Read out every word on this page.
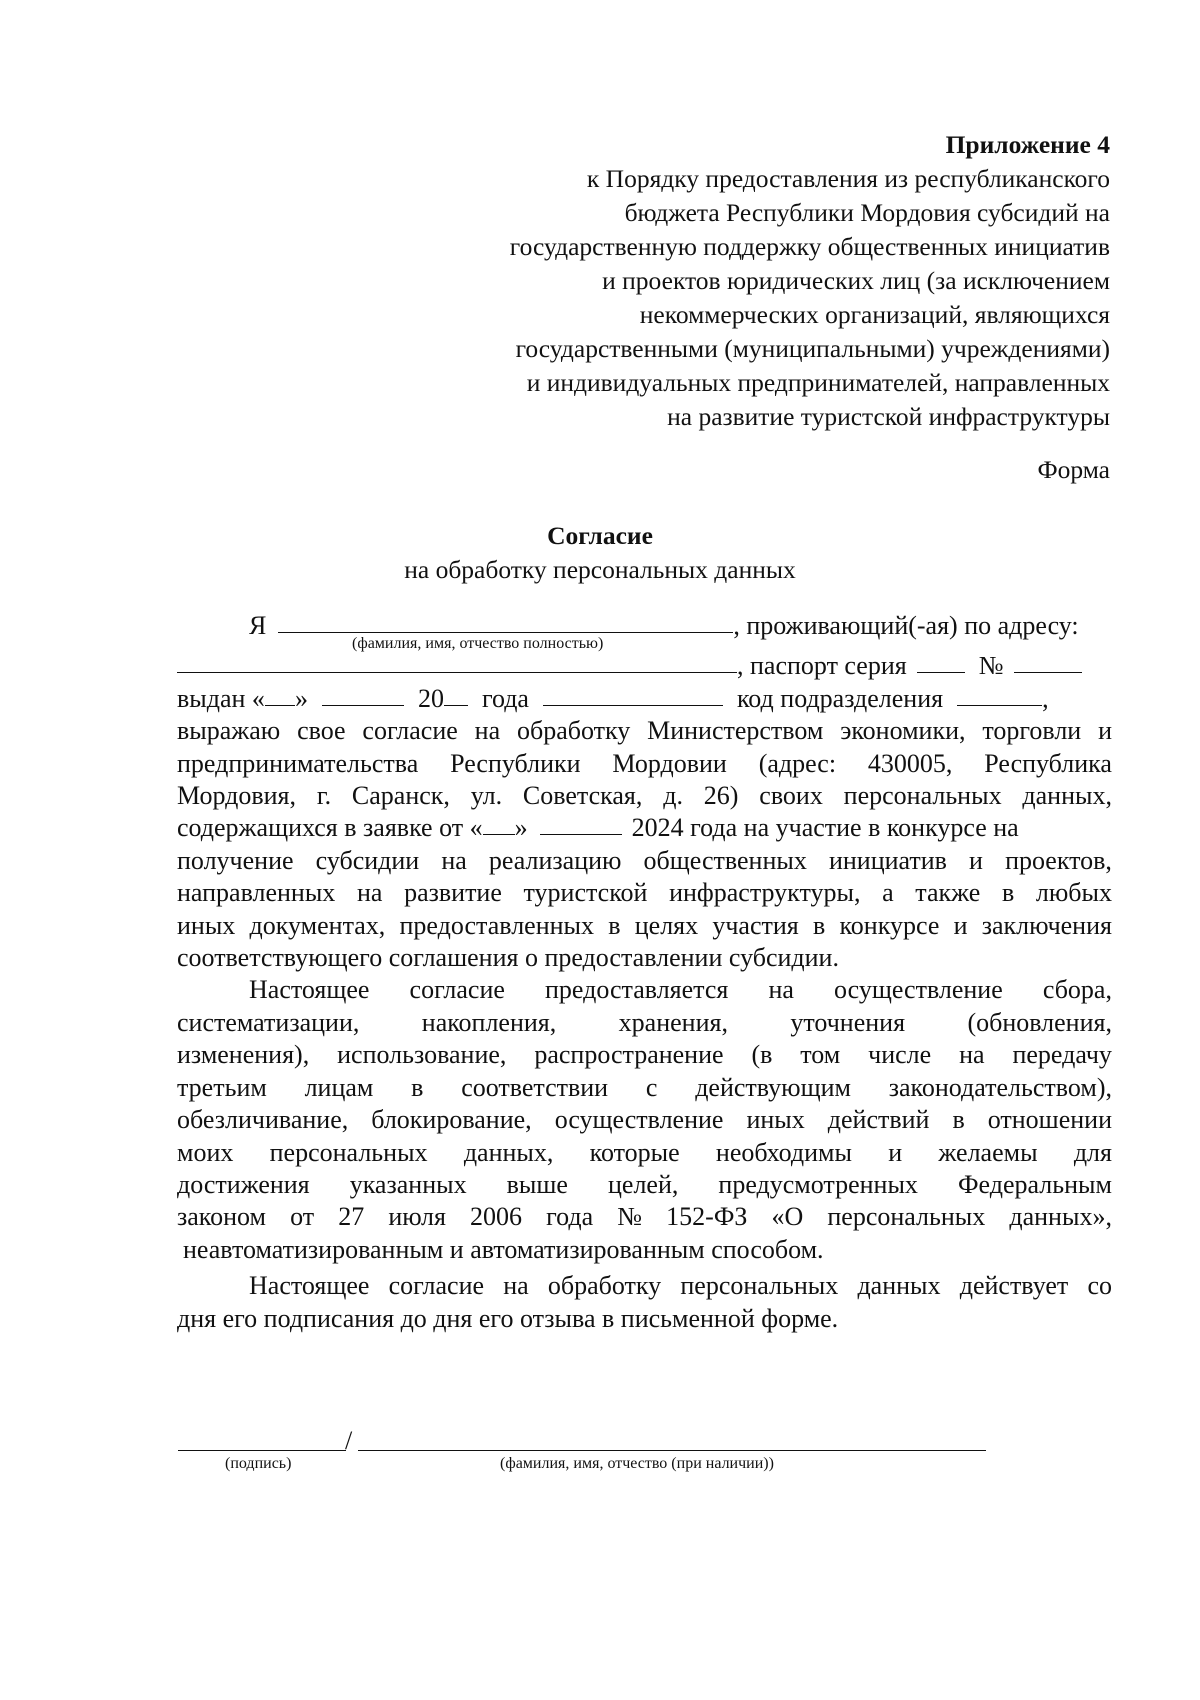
Приложение 4
к Порядку предоставления из республиканского
бюджета Республики Мордовия субсидий на
государственную поддержку общественных инициатив
и проектов юридических лиц (за исключением
некоммерческих организаций, являющихся
государственными (муниципальными) учреждениями)
и индивидуальных предпринимателей, направленных
на развитие туристской инфраструктуры
Форма
Согласие
на обработку персональных данных
Я	, проживающий(-ая) по адресу:
(фамилия, имя, отчество полностью)
, паспорт серия	№
выдан « »	20 года	код подразделения	,
выражаю свое согласие на обработку Министерством экономики, торговли и
предпринимательства Республики Мордовии (адрес: 430005, Республика
Мордовия, г. Саранск, ул. Советская, д. 26) своих персональных данных,
содержащихся в заявке от « »	2024 года на участие в конкурсе на
получение субсидии на реализацию общественных инициатив и проектов,
направленных на развитие туристской инфраструктуры, а также в любых
иных документах, предоставленных в целях участия в конкурсе и заключения
соответствующего соглашения о предоставлении субсидии.
Настоящее согласие предоставляется на осуществление сбора,
систематизации, накопления, хранения, уточнения (обновления,
изменения), использование, распространение (в том числе на передачу
третьим лицам в соответствии с действующим законодательством),
обезличивание, блокирование, осуществление иных действий в отношении
моих персональных данных, которые необходимы и желаемы для
достижения указанных выше целей, предусмотренных Федеральным
законом от 27 июля 2006 года № 152-ФЗ «О персональных данных»,
неавтоматизированным и автоматизированным способом.
Настоящее согласие на обработку персональных данных действует со
дня его подписания до дня его отзыва в письменной форме.
/
(подпись)	(фамилия, имя, отчество (при наличии))
